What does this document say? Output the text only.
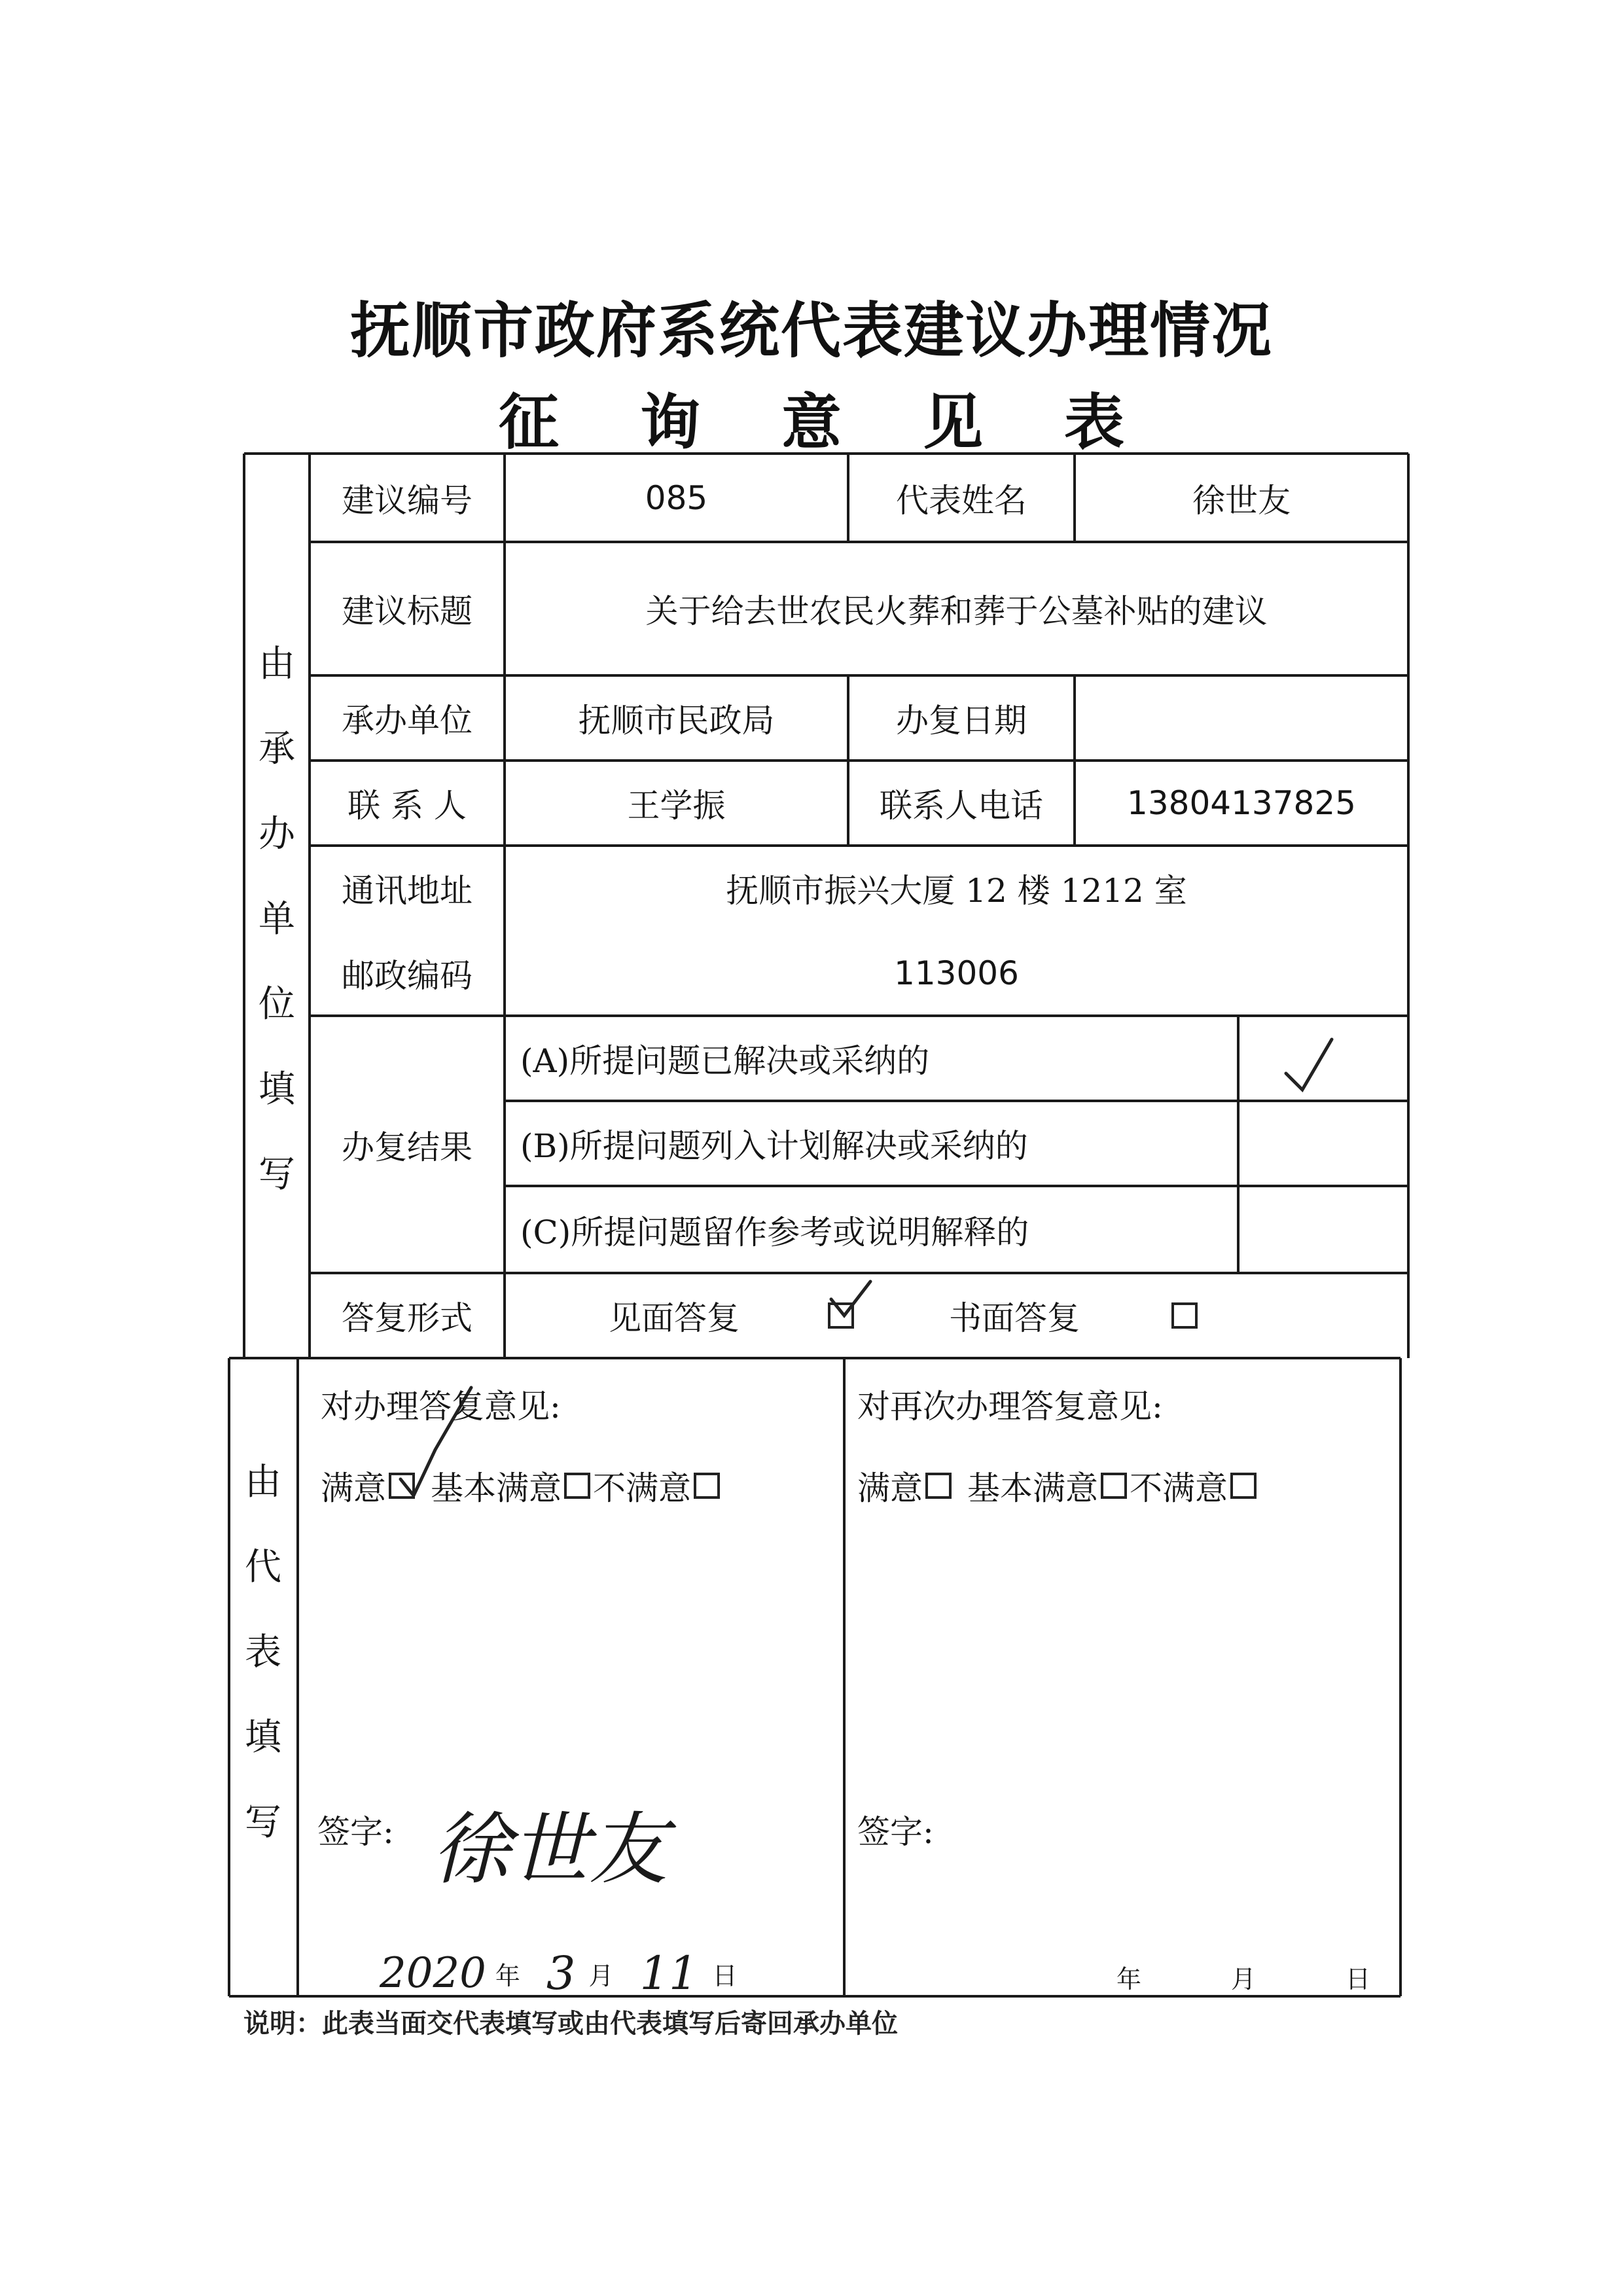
抚顺市政府系统代表建议办理情况
征 询 意 见 表
由
承
办
单
位
填
写
建议编号	085	代表姓名	徐世友
建议标题	关于给去世农民火葬和葬于公墓补贴的建议
承办单位	抚顺市民政局	办复日期
联 系 人	王学振	联系人电话	13804137825
通讯地址	抚顺市振兴大厦 12 楼 1212 室
邮政编码	113006
办复结果
(A)所提问题已解决或采纳的
(B)所提问题列入计划解决或采纳的
(C)所提问题留作参考或说明解释的
答复形式	见面答复	书面答复
由
代
表
填
写
对办理答复意见:
满意 基本满意 不满意
签字: 徐世友
2020 年 3 月 11 日
对再次办理答复意见:
满意 基本满意 不满意
签字:
年	月	日
说明：此表当面交代表填写或由代表填写后寄回承办单位
